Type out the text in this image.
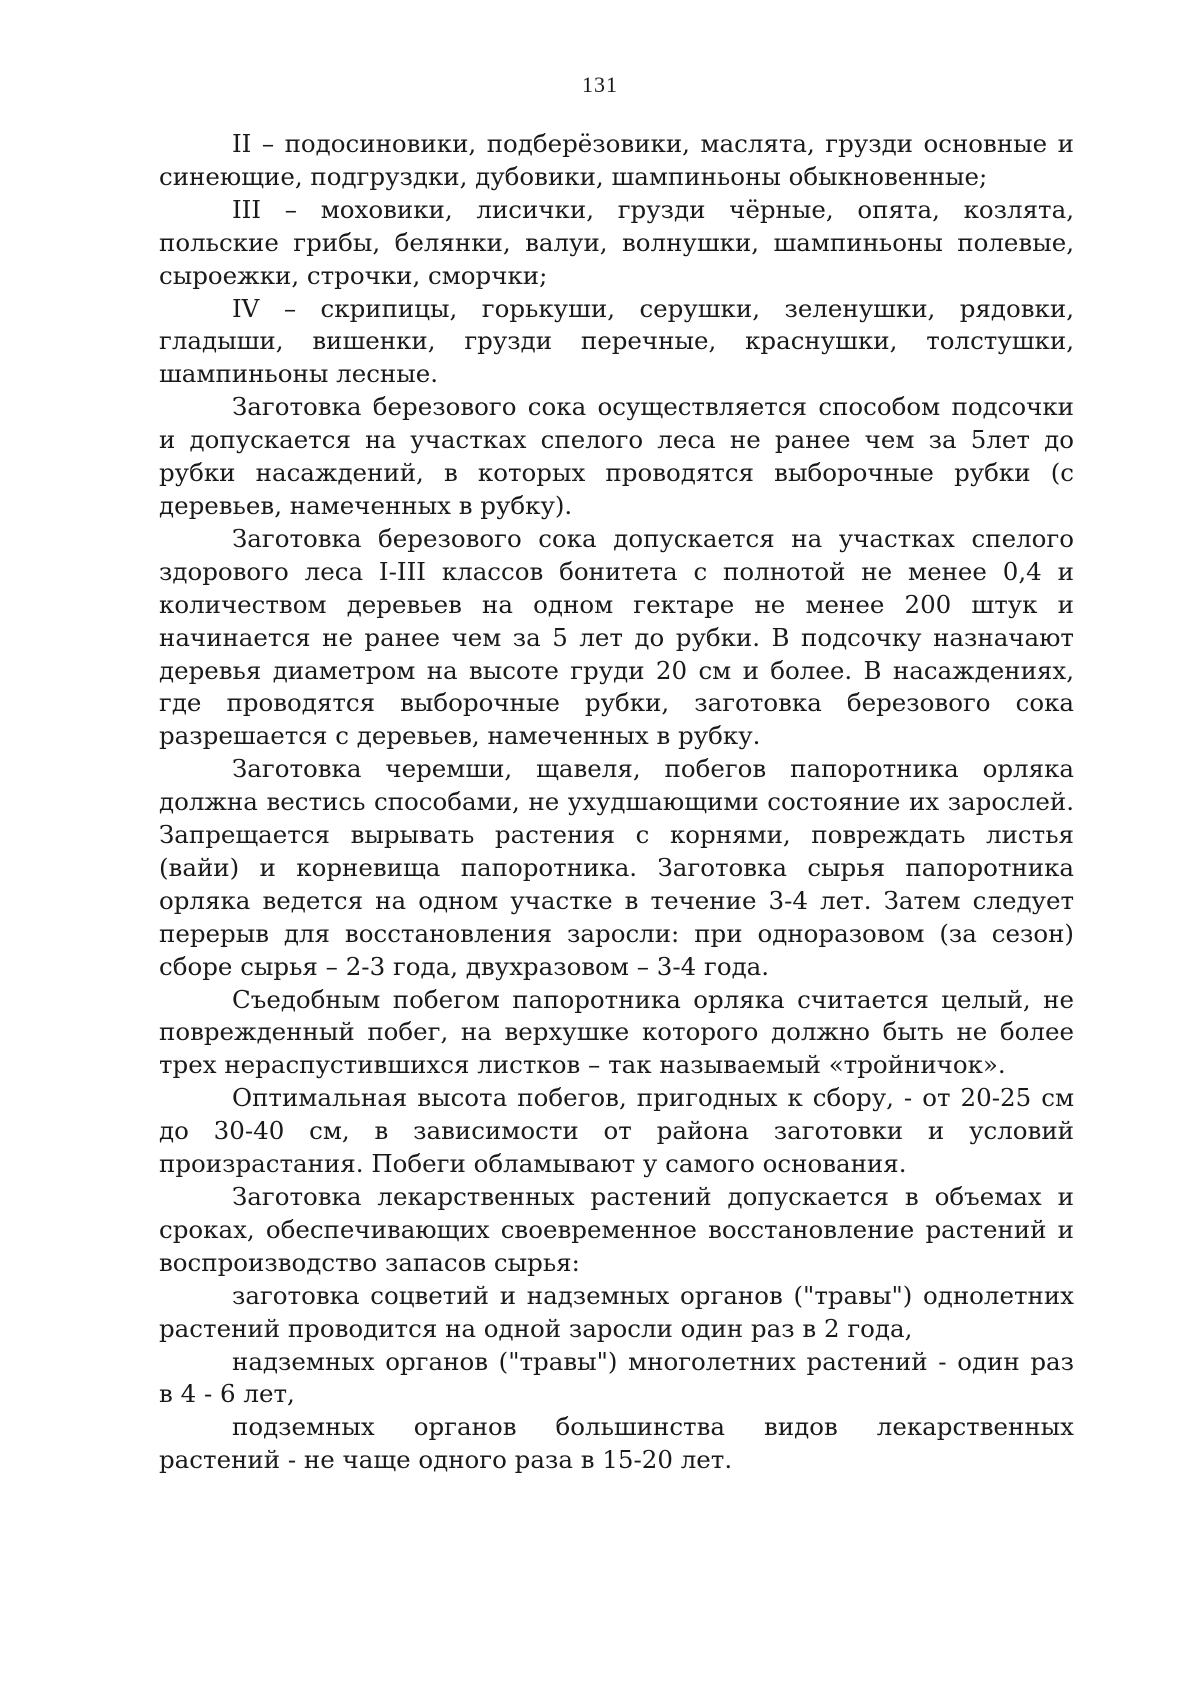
131

II – подосиновики, подберёзовики, маслята, грузди основные и синеющие, подгруздки, дубовики, шампиньоны обыкновенные;

III – моховики, лисички, грузди чёрные, опята, козлята, польские грибы, белянки, валуи, волнушки, шампиньоны полевые, сыроежки, строчки, сморчки;

IV – скрипицы, горькуши, серушки, зеленушки, рядовки, гладыши, вишенки, грузди перечные, краснушки, толстушки, шампиньоны лесные.

Заготовка березового сока осуществляется способом подсочки и допускается на участках спелого леса не ранее чем за 5лет до рубки насаждений, в которых проводятся выборочные рубки (с деревьев, намеченных в рубку).

Заготовка березового сока допускается на участках спелого здорового леса I-III классов бонитета с полнотой не менее 0,4 и количеством деревьев на одном гектаре не менее 200 штук и начинается не ранее чем за 5 лет до рубки. В подсочку назначают деревья диаметром на высоте груди 20 см и более. В насаждениях, где проводятся выборочные рубки, заготовка березового сока разрешается с деревьев, намеченных в рубку.

Заготовка черемши, щавеля, побегов папоротника орляка должна вестись способами, не ухудшающими состояние их зарослей. Запрещается вырывать растения с корнями, повреждать листья (вайи) и корневища папоротника. Заготовка сырья папоротника орляка ведется на одном участке в течение 3-4 лет. Затем следует перерыв для восстановления заросли: при одноразовом (за сезон) сборе сырья – 2-3 года, двухразовом – 3-4 года.

Съедобным побегом папоротника орляка считается целый, не поврежденный побег, на верхушке которого должно быть не более трех нераспустившихся листков – так называемый «тройничок».

Оптимальная высота побегов, пригодных к сбору, - от 20-25 см до 30-40 см, в зависимости от района заготовки и условий произрастания. Побеги обламывают у самого основания.

Заготовка лекарственных растений допускается в объемах и сроках, обеспечивающих своевременное восстановление растений и воспроизводство запасов сырья:

заготовка соцветий и надземных органов ("травы") однолетних растений проводится на одной заросли один раз в 2 года,

надземных органов ("травы") многолетних растений - один раз в 4 - 6 лет,

подземных органов большинства видов лекарственных растений - не чаще одного раза в 15-20 лет.
